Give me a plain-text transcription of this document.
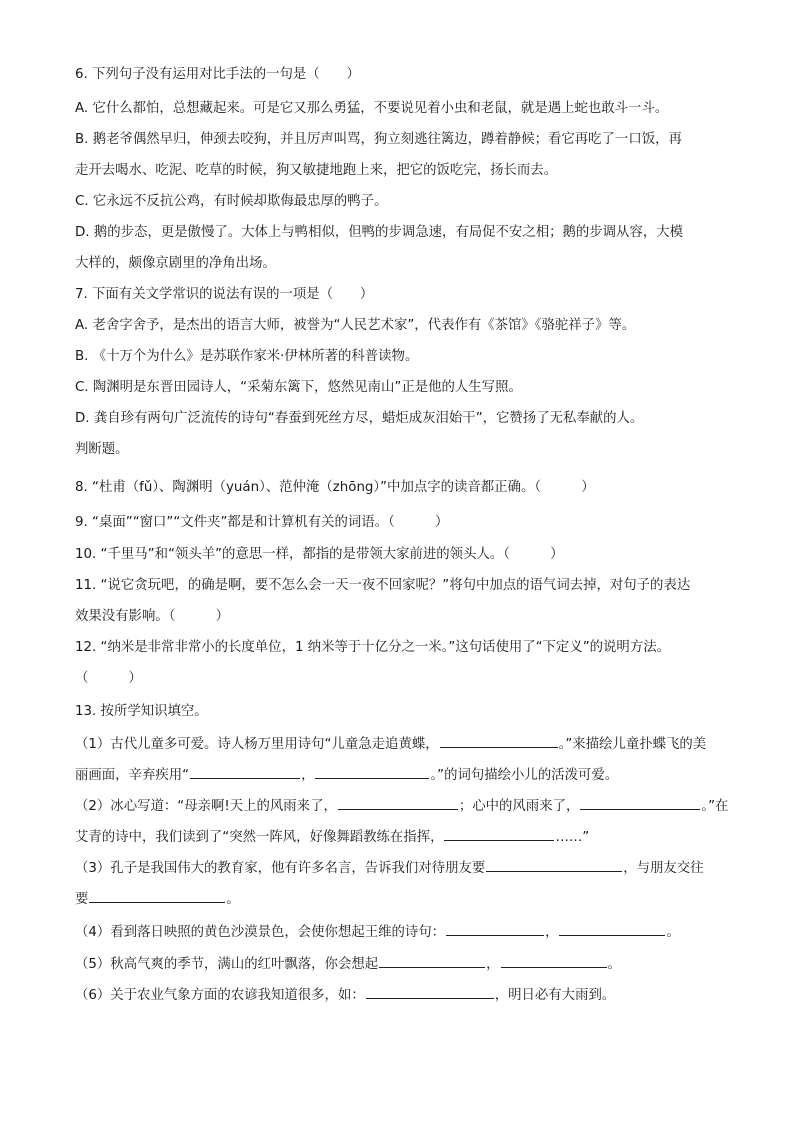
6. 下列句子没有运用对比手法的一句是（　　）
A. 它什么都怕，总想藏起来。可是它又那么勇猛，不要说见着小虫和老鼠，就是遇上蛇也敢斗一斗。
B. 鹅老爷偶然早归，伸颈去咬狗，并且厉声叫骂，狗立刻逃往篱边，蹲着静候；看它再吃了一口饭，再
走开去喝水、吃泥、吃草的时候，狗又敏捷地跑上来，把它的饭吃完，扬长而去。
C. 它永远不反抗公鸡，有时候却欺侮最忠厚的鸭子。
D. 鹅的步态，更是傲慢了。大体上与鸭相似，但鸭的步调急速，有局促不安之相；鹅的步调从容，大模
大样的，颇像京剧里的净角出场。
7. 下面有关文学常识的说法有误的一项是（　　）
A. 老舍字舍予，是杰出的语言大师，被誉为“人民艺术家”，代表作有《茶馆》《骆驼祥子》等。
B. 《十万个为什么》是苏联作家米·伊林所著的科普读物。
C. 陶渊明是东晋田园诗人，“采菊东篱下，悠然见南山”正是他的人生写照。
D. 龚自珍有两句广泛流传的诗句“春蚕到死丝方尽，蜡炬成灰泪始干”，它赞扬了无私奉献的人。
判断题。
8. “杜甫（fǔ）、陶渊明（yuán）、范仲淹（zhōng）”中加点字的读音都正确。（　　　）
9. “桌面”“窗口”“文件夹”都是和计算机有关的词语。（　　　）
10. “千里马”和“领头羊”的意思一样，都指的是带领大家前进的领头人。（　　　）
11. “说它贪玩吧，的确是啊，要不怎么会一天一夜不回家呢？”将句中加点的语气词去掉，对句子的表达
效果没有影响。（　　　）
12. “纳米是非常非常小的长度单位，1 纳米等于十亿分之一米。”这句话使用了“下定义”的说明方法。
（　　　）
13. 按所学知识填空。
（1）古代儿童多可爱。诗人杨万里用诗句“儿童急走追黄蝶，	。”来描绘儿童扑蝶飞的美
丽画面，辛弃疾用“	，	。”的词句描绘小儿的活泼可爱。
（2）冰心写道：“母亲啊!天上的风雨来了，	；心中的风雨来了，	。”在
艾青的诗中，我们读到了“突然一阵风，好像舞蹈教练在指挥，	……”
（3）孔子是我国伟大的教育家，他有许多名言，告诉我们对待朋友要	，与朋友交往
要	。
（4）看到落日映照的黄色沙漠景色，会使你想起王维的诗句：	，	。
（5）秋高气爽的季节，满山的红叶飘落，你会想起	，	。
（6）关于农业气象方面的农谚我知道很多，如：	，明日必有大雨到。
